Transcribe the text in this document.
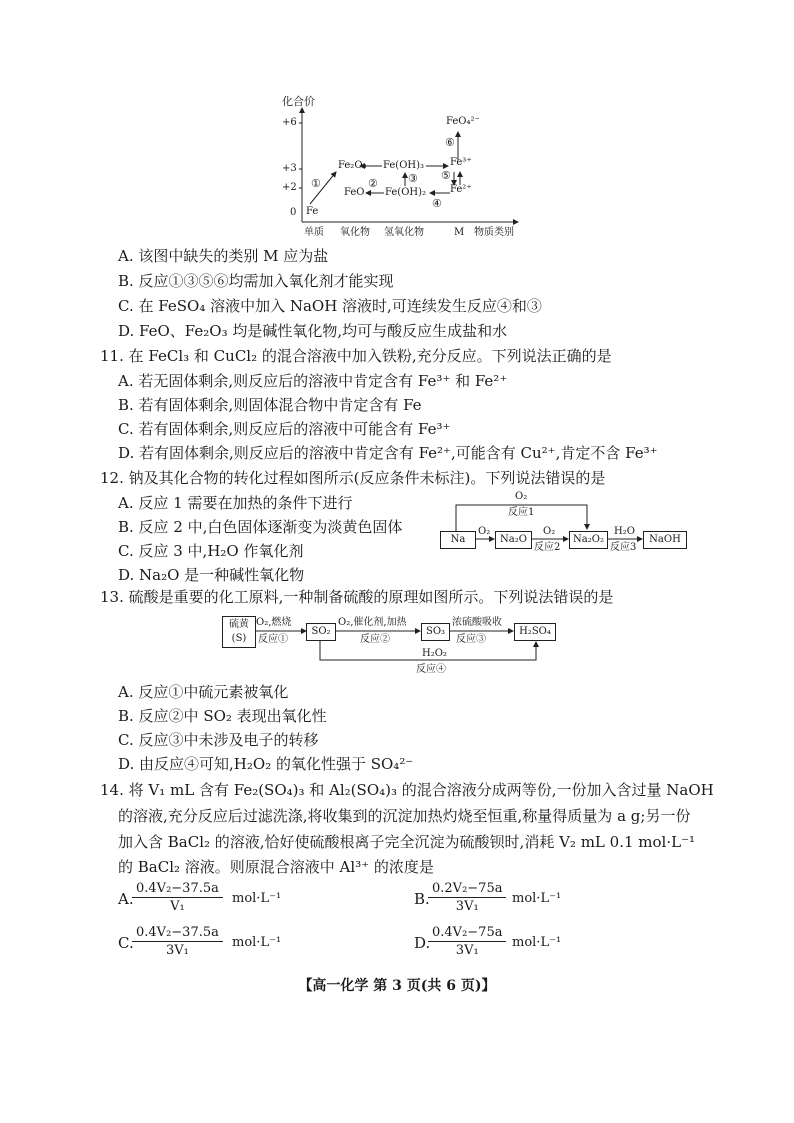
化合价
+6
+3
+2
0 Fe
Fe₂O₃ Fe(OH)₃	Fe³⁺
FeO Fe(OH)₂ Fe²⁺
FeO₄²⁻
①	②	③
④
⑤
⑥
单质 氧化物 氢氧化物	M 物质类别
A. 该图中缺失的类别 M 应为盐
B. 反应①③⑤⑥均需加入氧化剂才能实现
C. 在 FeSO₄ 溶液中加入 NaOH 溶液时,可连续发生反应④和③
D. FeO、Fe₂O₃ 均是碱性氧化物,均可与酸反应生成盐和水
11. 在 FeCl₃ 和 CuCl₂ 的混合溶液中加入铁粉,充分反应。下列说法正确的是
A. 若无固体剩余,则反应后的溶液中肯定含有 Fe³⁺ 和 Fe²⁺
B. 若有固体剩余,则固体混合物中肯定含有 Fe
C. 若有固体剩余,则反应后的溶液中可能含有 Fe³⁺
D. 若有固体剩余,则反应后的溶液中肯定含有 Fe²⁺,可能含有 Cu²⁺,肯定不含 Fe³⁺
12. 钠及其化合物的转化过程如图所示(反应条件未标注)。下列说法错误的是
A. 反应 1 需要在加热的条件下进行
B. 反应 2 中,白色固体逐渐变为淡黄色固体
C. 反应 3 中,H₂O 作氧化剂
D. Na₂O 是一种碱性氧化物
O₂
反应1
Na	Na₂O	Na₂O₂	NaOH
O₂	O₂
反应2
H₂O
反应3
13. 硫酸是重要的化工原料,一种制备硫酸的原理如图所示。下列说法错误的是
硫黄
(S)
SO₂	SO₃	H₂SO₄
O₂,燃烧
反应①
O₂,催化剂,加热
反应②
浓硫酸吸收
反应③
H₂O₂
反应④
A. 反应①中硫元素被氧化
B. 反应②中 SO₂ 表现出氧化性
C. 反应③中未涉及电子的转移
D. 由反应④可知,H₂O₂ 的氧化性强于 SO₄²⁻
14. 将 V₁ mL 含有 Fe₂(SO₄)₃ 和 Al₂(SO₄)₃ 的混合溶液分成两等份,一份加入含过量 NaOH
的溶液,充分反应后过滤洗涤,将收集到的沉淀加热灼烧至恒重,称量得质量为 a g;另一份
加入含 BaCl₂ 的溶液,恰好使硫酸根离子完全沉淀为硫酸钡时,消耗 V₂ mL 0.1 mol·L⁻¹
的 BaCl₂ 溶液。则原混合溶液中 Al³⁺ 的浓度是
A.
$\frac{\text{0.4V₂−37.5a}}{\text{V₁}} mol\cdot L^{-1}$	B.
$\frac{\text{0.2V₂−75a}}{\text{3V₁}} mol\cdot L^{-1}$
C.
$\frac{\text{0.4V₂−37.5a}}{\text{3V₁}} mol\cdot L^{-1}$	D.
$\frac{\text{0.4V₂−75a}}{\text{3V₁}} mol\cdot L^{-1}$
【高一化学 第 3 页(共 6 页)】
